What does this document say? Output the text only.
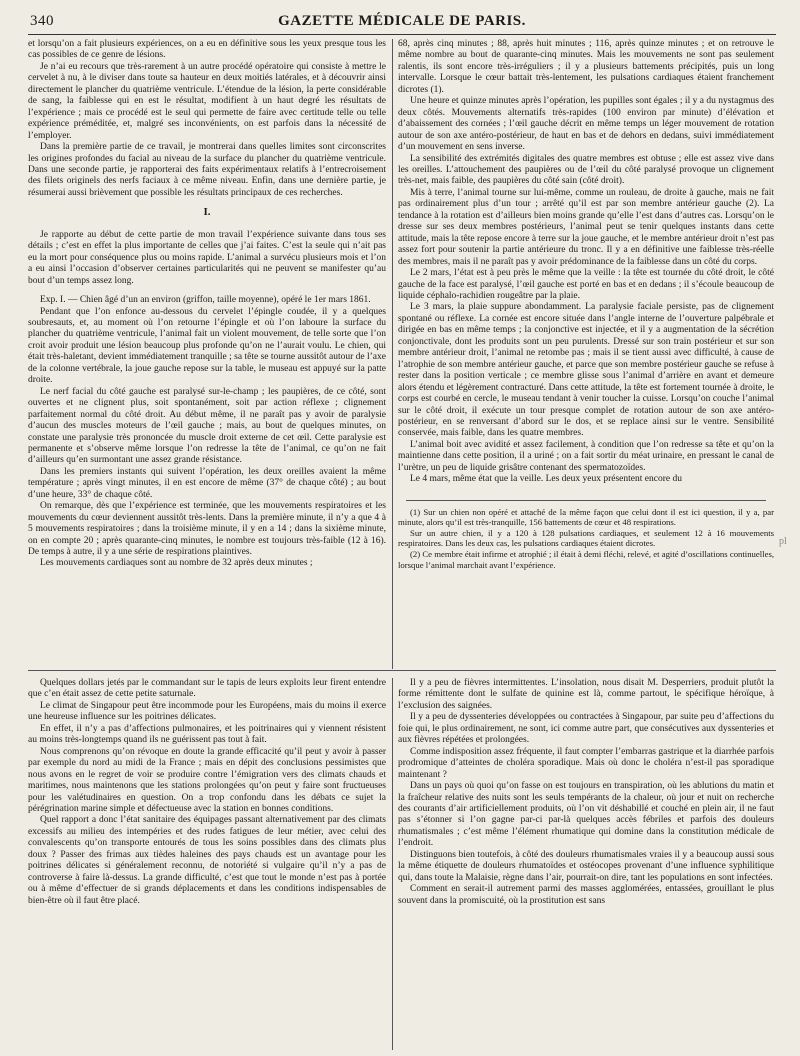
340	GAZETTE MÉDICALE DE PARIS.

et lorsqu’on a fait plusieurs expériences, on a eu en définitive sous les yeux presque tous les cas possibles de ce genre de lésions.

Je n’ai eu recours que très-rarement à un autre procédé opératoire qui consiste à mettre le cervelet à nu, à le diviser dans toute sa hauteur en deux moitiés latérales, et à découvrir ainsi directement le plancher du quatrième ventricule. L’étendue de la lésion, la perte considérable de sang, la faiblesse qui en est le résultat, modifient à un haut degré les résultats de l’expérience ; mais ce procédé est le seul qui permette de faire avec certitude telle ou telle expérience préméditée, et, malgré ses inconvénients, on est parfois dans la nécessité de l’employer.

Dans la première partie de ce travail, je montrerai dans quelles limites sont circonscrites les origines profondes du facial au niveau de la surface du plancher du quatrième ventricule. Dans une seconde partie, je rapporterai des faits expérimentaux relatifs à l’entrecroisement des filets originels des nerfs faciaux à ce même niveau. Enfin, dans une dernière partie, je résumerai aussi brièvement que possible les résultats principaux de ces recherches.

I.

Je rapporte au début de cette partie de mon travail l’expérience suivante dans tous ses détails ; c’est en effet la plus importante de celles que j’ai faites. C’est la seule qui n’ait pas eu la mort pour conséquence plus ou moins rapide. L’animal a survécu plusieurs mois et l’on a eu ainsi l’occasion d’observer certaines particularités qui ne peuvent se manifester qu’au bout d’un temps assez long.

Exp. I. — Chien âgé d’un an environ (griffon, taille moyenne), opéré le 1er mars 1861.

Pendant que l’on enfonce au-dessous du cervelet l’épingle coudée, il y a quelques soubresauts, et, au moment où l’on retourne l’épingle et où l’on laboure la surface du plancher du quatrième ventricule, l’animal fait un violent mouvement, de telle sorte que l’on croit avoir produit une lésion beaucoup plus profonde qu’on ne l’aurait voulu. Le chien, qui était très-haletant, devient immédiatement tranquille ; sa tête se tourne aussitôt autour de l’axe de la colonne vertébrale, la joue gauche repose sur la table, le museau est appuyé sur la patte droite.

Le nerf facial du côté gauche est paralysé sur-le-champ ; les paupières, de ce côté, sont ouvertes et ne clignent plus, soit spontanément, soit par action réflexe ; clignement parfaitement normal du côté droit. Au début même, il ne paraît pas y avoir de paralysie d’aucun des muscles moteurs de l’œil gauche ; mais, au bout de quelques minutes, on constate une paralysie très prononcée du muscle droit externe de cet œil. Cette paralysie est permanente et s’observe même lorsque l’on redresse la tête de l’animal, ce qu’on ne fait d’ailleurs qu’en surmontant une assez grande résistance.

Dans les premiers instants qui suivent l’opération, les deux oreilles avaient la même température ; après vingt minutes, il en est encore de même (37° de chaque côté) ; au bout d’une heure, 33° de chaque côté.

On remarque, dès que l’expérience est terminée, que les mouvements respiratoires et les mouvements du cœur deviennent aussitôt très-lents. Dans la première minute, il n’y a que 4 à 5 mouvements respiratoires ; dans la troisième minute, il y en a 14 ; dans la sixième minute, on en compte 20 ; après quarante-cinq minutes, le nombre est toujours très-faible (12 à 16). De temps à autre, il y a une série de respirations plaintives.

Les mouvements cardiaques sont au nombre de 32 après deux minutes ;

68, après cinq minutes ; 88, après huit minutes ; 116, après quinze minutes ; et on retrouve le même nombre au bout de quarante-cinq minutes. Mais les mouvements ne sont pas seulement ralentis, ils sont encore très-irréguliers ; il y a plusieurs battements précipités, puis un long intervalle. Lorsque le cœur battait très-lentement, les pulsations cardiaques étaient franchement dicrotes (1).

Une heure et quinze minutes après l’opération, les pupilles sont égales ; il y a du nystagmus des deux côtés. Mouvements alternatifs très-rapides (100 environ par minute) d’élévation et d’abaissement des cornées ; l’œil gauche décrit en même temps un léger mouvement de rotation autour de son axe antéro-postérieur, de haut en bas et de dehors en dedans, suivi immédiatement d’un mouvement en sens inverse.

La sensibilité des extrémités digitales des quatre membres est obtuse ; elle est assez vive dans les oreilles. L’attouchement des paupières ou de l’œil du côté paralysé provoque un clignement très-net, mais faible, des paupières du côté sain (côté droit).

Mis à terre, l’animal tourne sur lui-même, comme un rouleau, de droite à gauche, mais ne fait pas ordinairement plus d’un tour ; arrêté qu’il est par son membre antérieur gauche (2). La tendance à la rotation est d’ailleurs bien moins grande qu’elle l’est dans d’autres cas. Lorsqu’on le dresse sur ses deux membres postérieurs, l’animal peut se tenir quelques instants dans cette attitude, mais la tête repose encore à terre sur la joue gauche, et le membre antérieur droit n’est pas assez fort pour soutenir la partie antérieure du tronc. Il y a en définitive une faiblesse très-réelle des membres, mais il ne paraît pas y avoir prédominance de la faiblesse dans un côté du corps.

Le 2 mars, l’état est à peu près le même que la veille : la tête est tournée du côté droit, le côté gauche de la face est paralysé, l’œil gauche est porté en bas et en dedans ; il s’écoule beaucoup de liquide céphalo-rachidien rougeâtre par la plaie.

Le 3 mars, la plaie suppure abondamment. La paralysie faciale persiste, pas de clignement spontané ou réflexe. La cornée est encore située dans l’angle interne de l’ouverture palpébrale et dirigée en bas en même temps ; la conjonctive est injectée, et il y a augmentation de la sécrétion conjonctivale, dont les produits sont un peu purulents. Dressé sur son train postérieur et sur son membre antérieur droit, l’animal ne retombe pas ; mais il se tient aussi avec difficulté, à cause de l’atrophie de son membre antérieur gauche, et parce que son membre postérieur gauche se refuse à rester dans la position verticale ; ce membre glisse sous l’animal d’arrière en avant et demeure alors étendu et légèrement contracturé. Dans cette attitude, la tête est fortement tournée à droite, le corps est courbé en cercle, le museau tendant à venir toucher la cuisse. Lorsqu’on couche l’animal sur le côté droit, il exécute un tour presque complet de rotation autour de son axe antéro-postérieur, en se renversant d’abord sur le dos, et se replace ainsi sur le ventre. Sensibilité conservée, mais faible, dans les quatre membres.

L’animal boit avec avidité et assez facilement, à condition que l’on redresse sa tête et qu’on la maintienne dans cette position, il a uriné ; on a fait sortir du méat urinaire, en pressant le canal de l’urètre, un peu de liquide grisâtre contenant des spermatozoïdes.

Le 4 mars, même état que la veille. Les deux yeux présentent encore du

(1) Sur un chien non opéré et attaché de la même façon que celui dont il est ici question, il y a, par minute, alors qu’il est très-tranquille, 156 battements de cœur et 48 respirations.

Sur un autre chien, il y a 120 à 128 pulsations cardiaques, et seulement 12 à 16 mouvements respiratoires. Dans les deux cas, les pulsations cardiaques étaient dicrotes.

(2) Ce membre était infirme et atrophié ; il était à demi fléchi, relevé, et agité d’oscillations continuelles, lorsque l’animal marchait avant l’expérience.

pl

Quelques dollars jetés par le commandant sur le tapis de leurs exploits leur firent entendre que c’en était assez de cette petite saturnale.

Le climat de Singapour peut être incommode pour les Européens, mais du moins il exerce une heureuse influence sur les poitrines délicates.

En effet, il n’y a pas d’affections pulmonaires, et les poitrinaires qui y viennent résistent au moins très-longtemps quand ils ne guérissent pas tout à fait.

Nous comprenons qu’on révoque en doute la grande efficacité qu’il peut y avoir à passer par exemple du nord au midi de la France ; mais en dépit des conclusions pessimistes que nous avons en le regret de voir se produire contre l’émigration vers des climats chauds et maritimes, nous maintenons que les stations prolongées qu’on peut y faire sont fructueuses pour les valétudinaires en question. On a trop confondu dans les débats ce sujet la pérégrination marine simple et défectueuse avec la station en bonnes conditions.

Quel rapport a donc l’état sanitaire des équipages passant alternativement par des climats excessifs au milieu des intempéries et des rudes fatigues de leur métier, avec celui des convalescents qu’on transporte entourés de tous les soins possibles dans des climats plus doux ? Passer des frimas aux tièdes haleines des pays chauds est un avantage pour les poitrines délicates si généralement reconnu, de notoriété si vulgaire qu’il n’y a pas de controverse à faire là-dessus. La grande difficulté, c’est que tout le monde n’est pas à portée ou à même d’effectuer de si grands déplacements et dans les conditions indispensables de bien-être où il faut être placé.

Il y a peu de fièvres intermittentes. L’insolation, nous disait M. Desperriers, produit plutôt la forme rémittente dont le sulfate de quinine est là, comme partout, le spécifique héroïque, à l’exclusion des saignées.

Il y a peu de dyssenteries développées ou contractées à Singapour, par suite peu d’affections du foie qui, le plus ordinairement, ne sont, ici comme autre part, que consécutives aux dyssenteries et aux fièvres répétées et prolongées.

Comme indisposition assez fréquente, il faut compter l’embarras gastrique et la diarrhée parfois prodromique d’atteintes de choléra sporadique. Mais où donc le choléra n’est-il pas sporadique maintenant ?

Dans un pays où quoi qu’on fasse on est toujours en transpiration, où les ablutions du matin et la fraîcheur relative des nuits sont les seuls tempérants de la chaleur, où jour et nuit on recherche des courants d’air artificiellement produits, où l’on vit déshabillé et couché en plein air, il ne faut pas s’étonner si l’on gagne par-ci par-là quelques accès fébriles et parfois des douleurs rhumatismales ; c’est même l’élément rhumatique qui domine dans la constitution médicale de l’endroit.

Distinguons bien toutefois, à côté des douleurs rhumatismales vraies il y a beaucoup aussi sous la même étiquette de douleurs rhumatoïdes et ostéocopes provenant d’une influence syphilitique qui, dans toute la Malaisie, règne dans l’air, pourrait-on dire, tant les populations en sont infectées.

Comment en serait-il autrement parmi des masses agglomérées, entassées, grouillant le plus souvent dans la promiscuité, où la prostitution est sans
